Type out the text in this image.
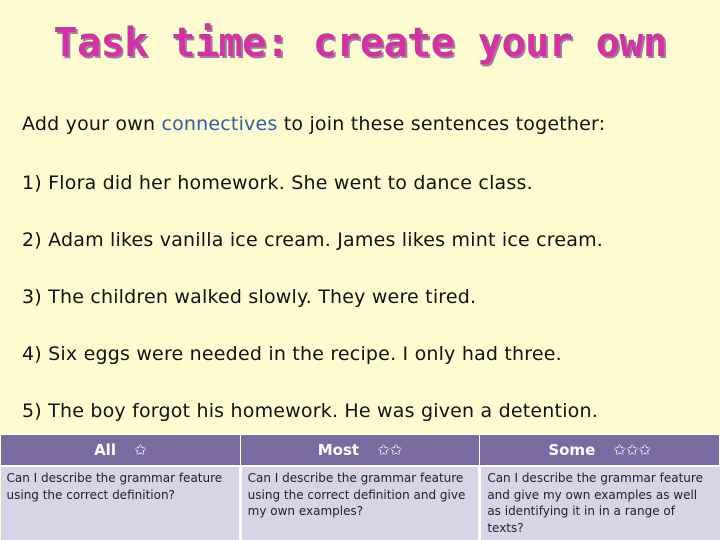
Task time: create your own
Add your own connectives to join these sentences together:
1) Flora did her homework. She went to dance class.
2) Adam likes vanilla ice cream. James likes mint ice cream.
3) The children walked slowly. They were tired.
4) Six eggs were needed in the recipe. I only had three.
5) The boy forgot his homework. He was given a detention.
All ✩	Most ✩✩	Some ✩✩✩
Can I describe the grammar feature using the correct definition?	Can I describe the grammar feature using the correct definition and give my own examples?	Can I describe the grammar feature and give my own examples as well as identifying it in in a range of texts?
